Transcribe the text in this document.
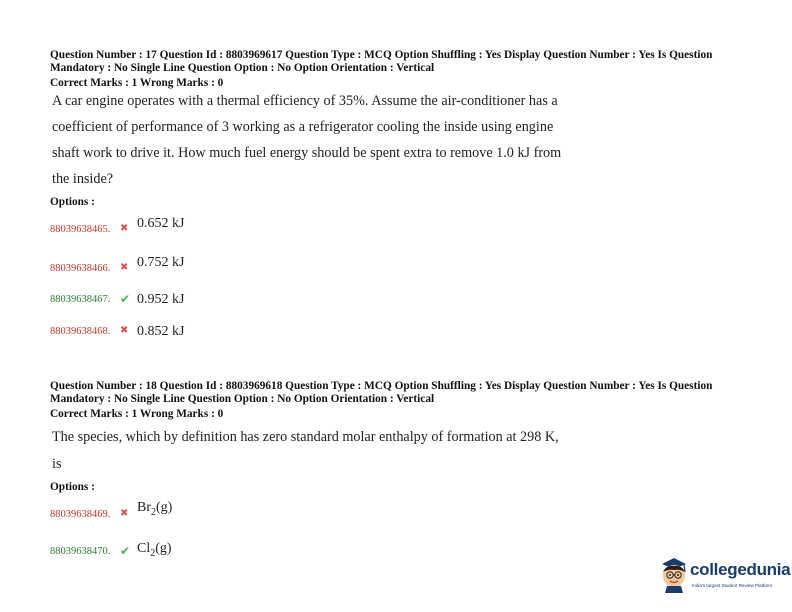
Question Number : 17 Question Id : 8803969617 Question Type : MCQ Option Shuffling : Yes Display Question Number : Yes Is Question Mandatory : No Single Line Question Option : No Option Orientation : Vertical
Correct Marks : 1 Wrong Marks : 0
A car engine operates with a thermal efficiency of 35%. Assume the air-conditioner has a
coefficient of performance of 3 working as a refrigerator cooling the inside using engine
shaft work to drive it. How much fuel energy should be spent extra to remove 1.0 kJ from
the inside?
Options :
88039638465. ✖ 0.652 kJ
88039638466. ✖ 0.752 kJ
88039638467. ✔ 0.952 kJ
88039638468. ✖ 0.852 kJ
Question Number : 18 Question Id : 8803969618 Question Type : MCQ Option Shuffling : Yes Display Question Number : Yes Is Question Mandatory : No Single Line Question Option : No Option Orientation : Vertical
Correct Marks : 1 Wrong Marks : 0
The species, which by definition has zero standard molar enthalpy of formation at 298 K,
is
Options :
88039638469. ✖ $Br_2(g)$
88039638470. ✔ $Cl_2(g)$
collegedunia
India's largest Student Review Platform
